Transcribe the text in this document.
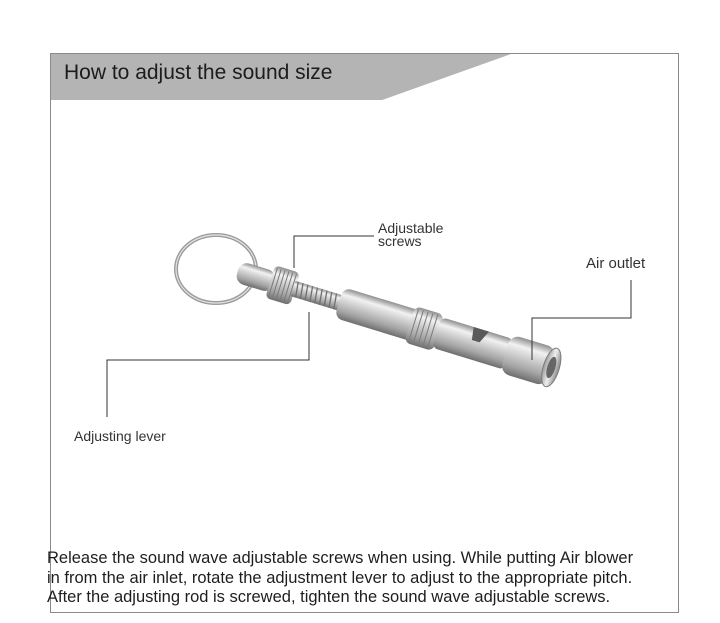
How to adjust the sound size
Adjustable
screws
Air outlet
Adjusting lever

Release the sound wave adjustable screws when using. While putting Air blower
in from the air inlet, rotate the adjustment lever to adjust to the appropriate pitch.
After the adjusting rod is screwed, tighten the sound wave adjustable screws.
